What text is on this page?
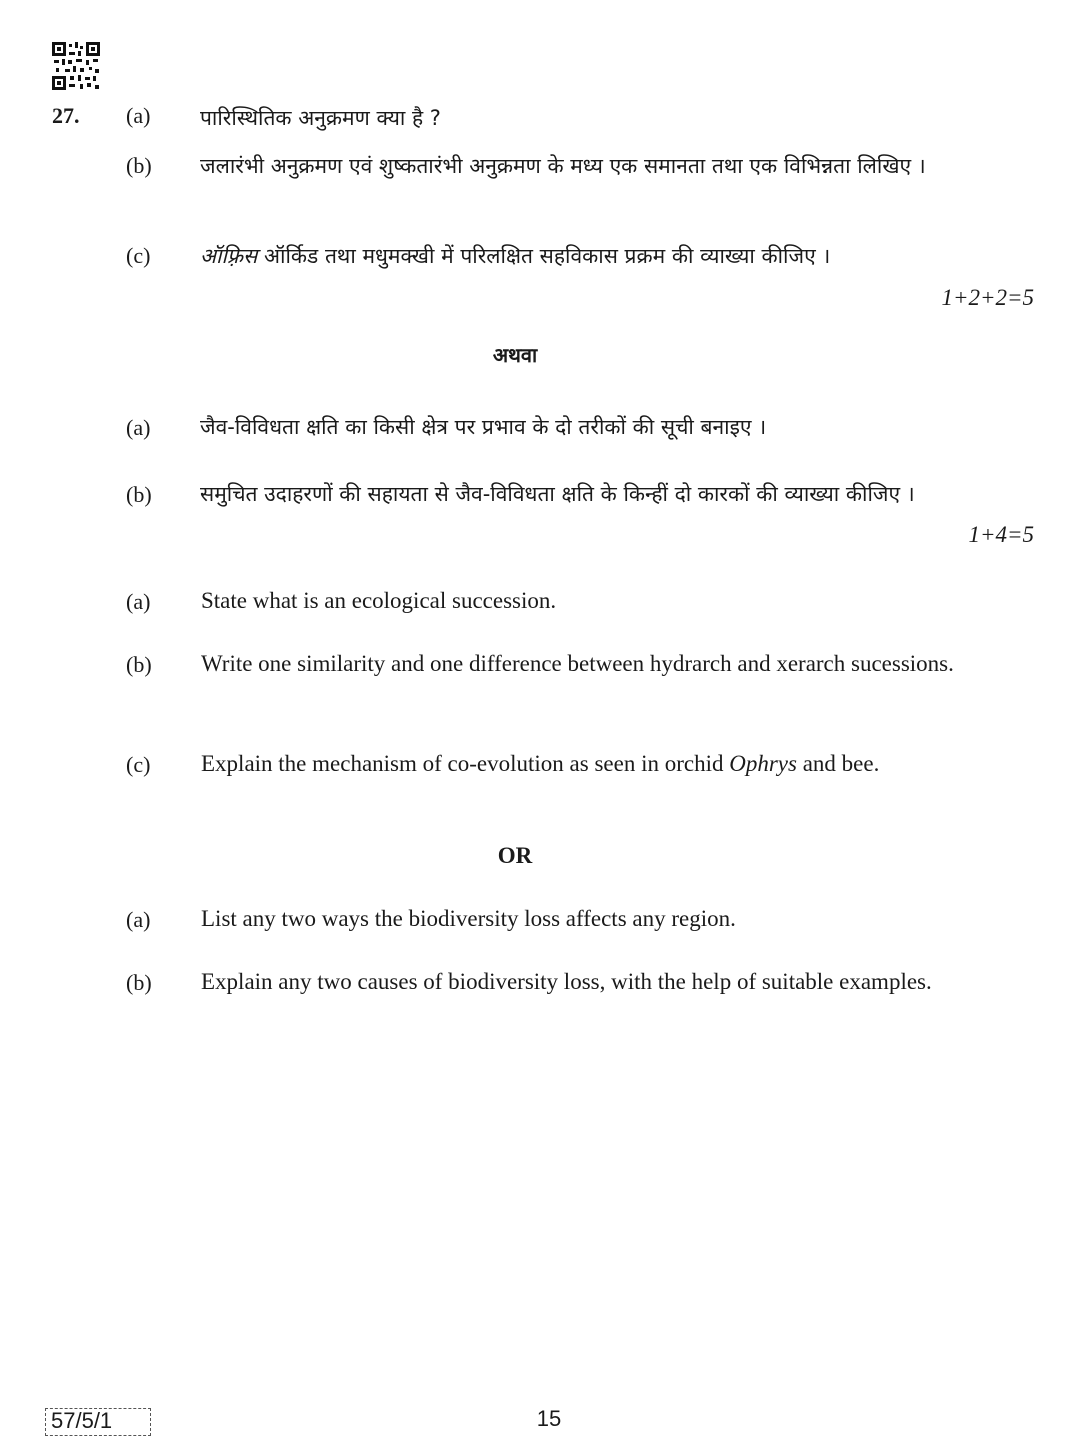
27. (a) पारिस्थितिक अनुक्रमण क्या है ?
(b) जलारंभी अनुक्रमण एवं शुष्कतारंभी अनुक्रमण के मध्य एक समानता तथा एक विभिन्नता लिखिए ।
(c) ऑफ़्रिस ऑर्किड तथा मधुमक्खी में परिलक्षित सहविकास प्रक्रम की व्याख्या कीजिए ।
1+2+2=5
अथवा
(a) जैव-विविधता क्षति का किसी क्षेत्र पर प्रभाव के दो तरीकों की सूची बनाइए ।
(b) समुचित उदाहरणों की सहायता से जैव-विविधता क्षति के किन्हीं दो कारकों की व्याख्या कीजिए ।
1+4=5
(a) State what is an ecological succession.
(b) Write one similarity and one difference between hydrarch and xerarch sucessions.
(c) Explain the mechanism of co-evolution as seen in orchid Ophrys and bee.
OR
(a) List any two ways the biodiversity loss affects any region.
(b) Explain any two causes of biodiversity loss, with the help of suitable examples.
57/5/1	15
